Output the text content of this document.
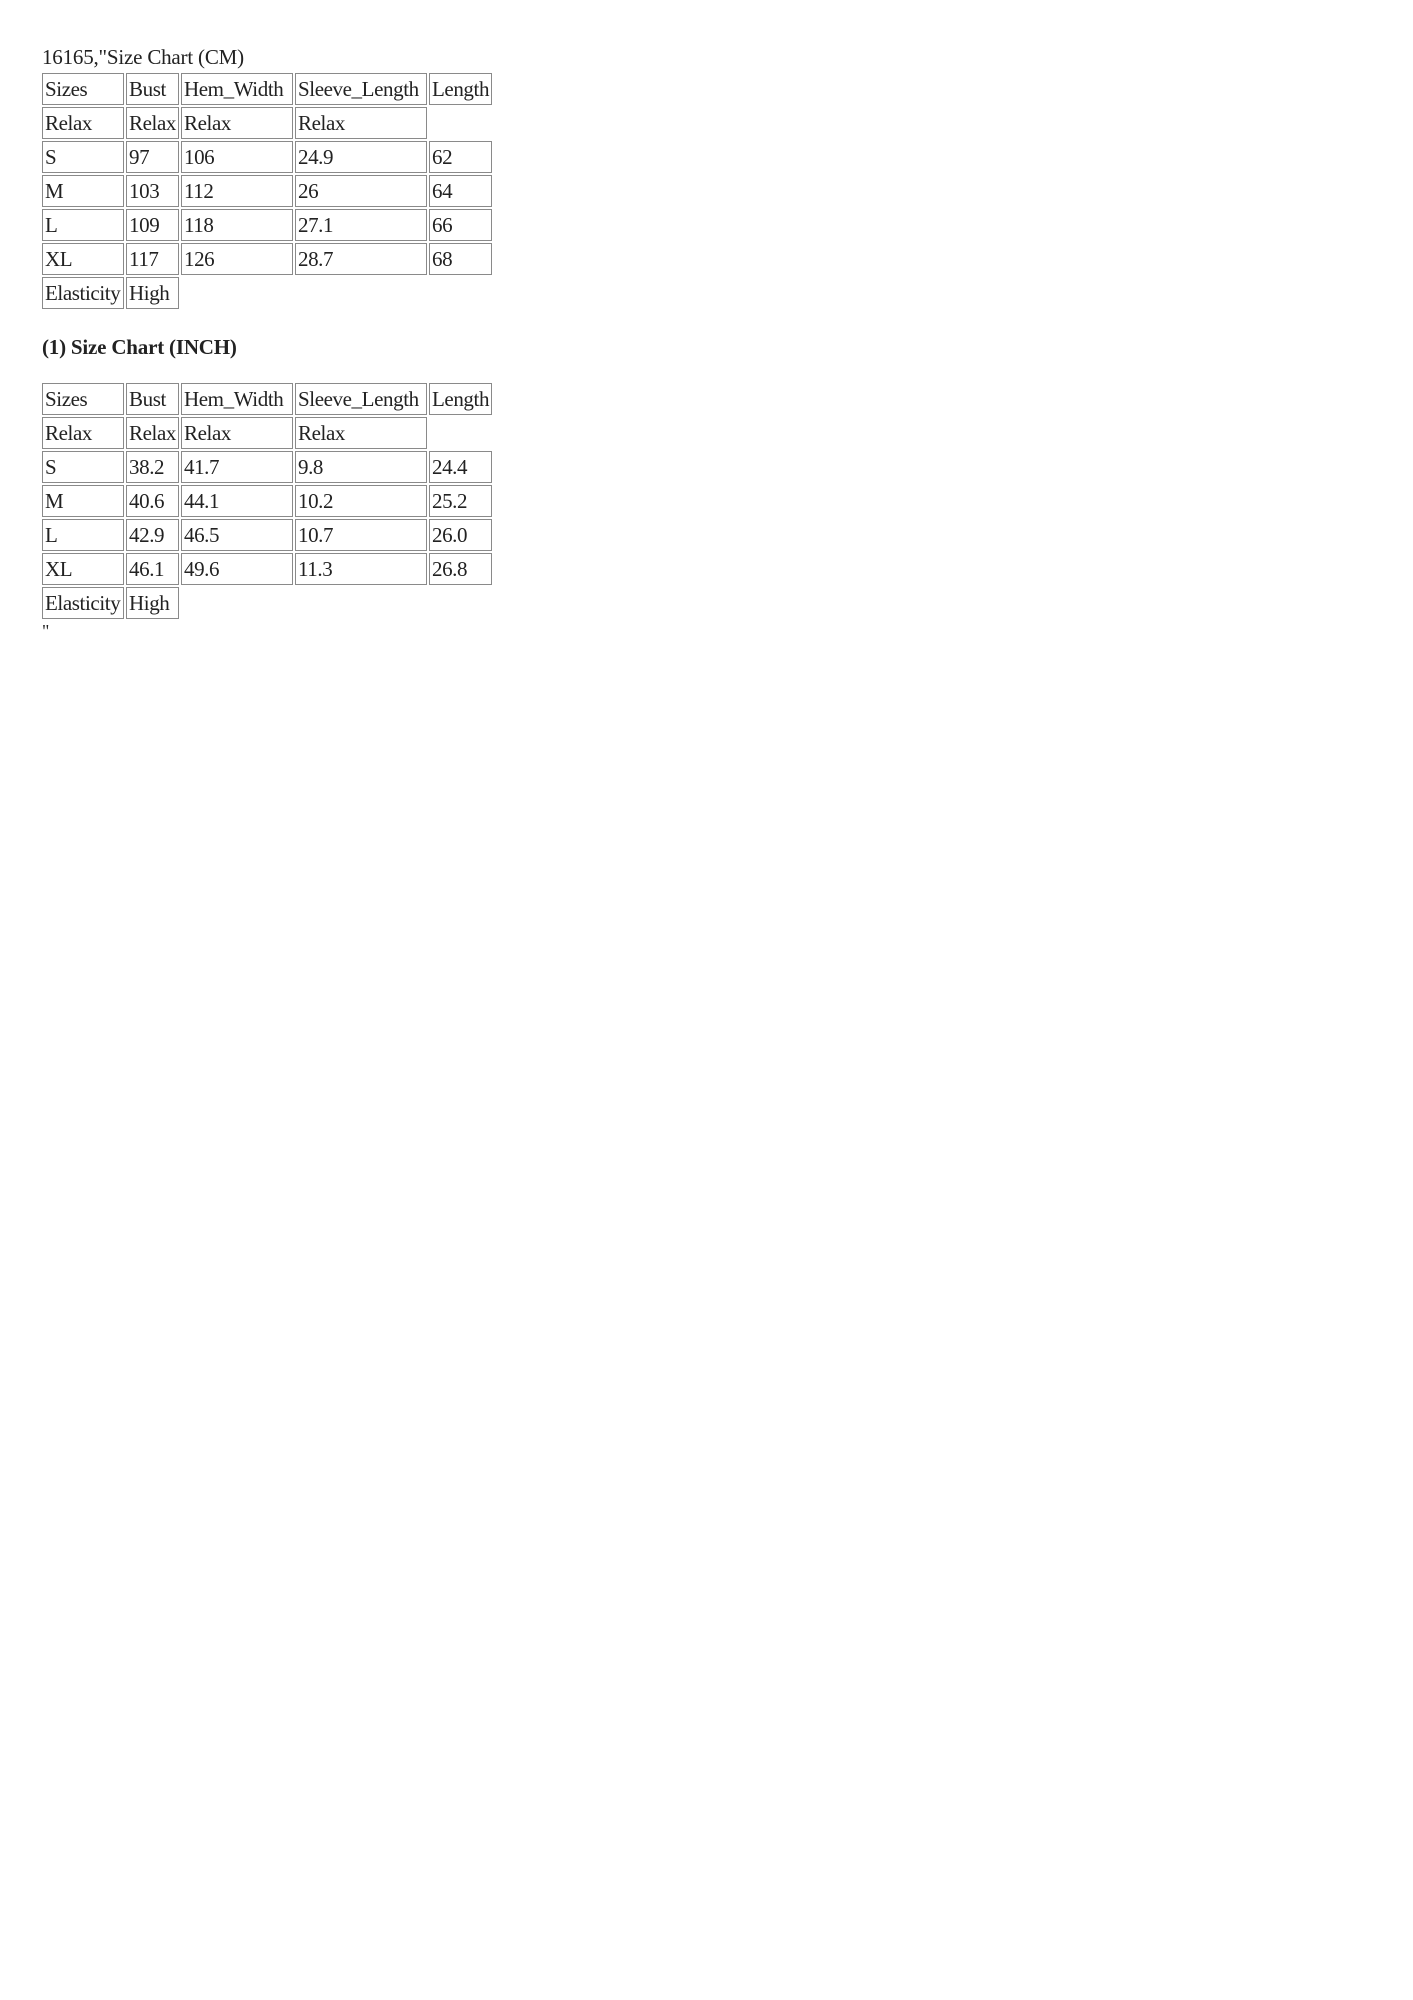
16165,"Size Chart (CM)
Sizes	Bust	Hem_Width	Sleeve_Length	Length
Relax	Relax	Relax	Relax	
S	97	106	24.9	62
M	103	112	26	64
L	109	118	27.1	66
XL	117	126	28.7	68
Elasticity	High			
(1) Size Chart (INCH)
Sizes	Bust	Hem_Width	Sleeve_Length	Length
Relax	Relax	Relax	Relax	
S	38.2	41.7	9.8	24.4
M	40.6	44.1	10.2	25.2
L	42.9	46.5	10.7	26.0
XL	46.1	49.6	11.3	26.8
Elasticity	High			
"
